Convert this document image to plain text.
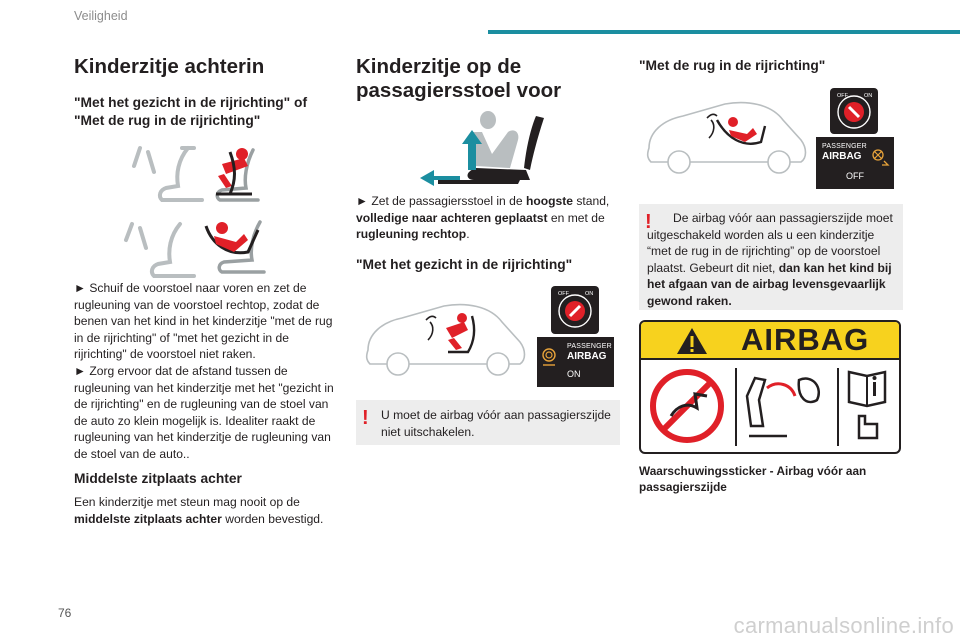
Veiligheid
Kinderzitje achterin
"Met het gezicht in de rijrichting" of "Met de rug in de rijrichting"

► Schuif de voorstoel naar voren en zet de rugleuning van de voorstoel rechtop, zodat de benen van het kind in het kinderzitje "met de rug in de rijrichting" of "met het gezicht in de rijrichting" de voorstoel niet raken.

► Zorg ervoor dat de afstand tussen de rugleuning van het kinderzitje met het "gezicht in de rijrichting" en de rugleuning van de stoel van de auto zo klein mogelijk is. Idealiter raakt de rugleuning van het kinderzitje de rugleuning van de stoel van de auto..

Middelste zitplaats achter

Een kinderzitje met steun mag nooit op de middelste zitplaats achter worden bevestigd.

Kinderzitje op de
passagiersstoel voor

► Zet de passagiersstoel in de hoogste stand, volledige naar achteren geplaatst en met de rugleuning rechtop.

"Met het gezicht in de rijrichting"
OFF	ON
PASSENGER
AIRBAG
ON
! U moet de airbag vóór aan passagierszijde niet uitschakelen.

"Met de rug in de rijrichting"
OFF	ON
PASSENGER
AIRBAG
OFF
!	De airbag vóór aan passagierszijde moet uitgeschakeld worden als u een kinderzitje “met de rug in de rijrichting” op de voorstoel plaatst. Gebeurt dit niet, dan kan het kind bij het afgaan van de airbag levensgevaarlijk gewond raken.

AIRBAG
Waarschuwingssticker - Airbag vóór aan passagierszijde
76	carmanualsonline.info
